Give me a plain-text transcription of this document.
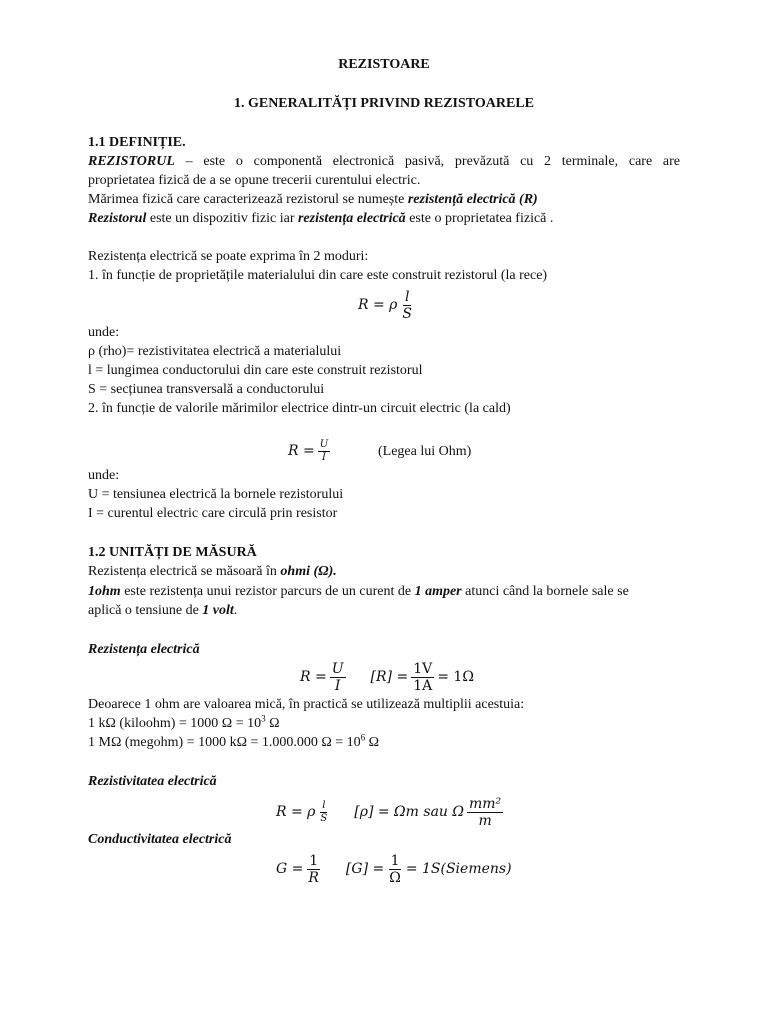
REZISTOARE
1. GENERALITĂȚI PRIVIND REZISTOARELE
1.1 DEFINIȚIE.
REZISTORUL – este o componentă electronică pasivă, prevăzută cu 2 terminale, care are
proprietatea fizică de a se opune trecerii curentului electric.
Mărimea fizică care caracterizează rezistorul se numește rezistență electrică (R)
Rezistorul este un dispozitiv fizic iar rezistența electrică este o proprietatea fizică .
Rezistența electrică se poate exprima în 2 moduri:
1. în funcție de proprietățile materialului din care este construit rezistorul (la rece)
R = ρ $\frac{l}{S}$
unde:
ρ (rho)= rezistivitatea electrică a materialului
l = lungimea conductorului din care este construit rezistorul
S = secțiunea transversală a conductorului
2. în funcție de valorile mărimilor electrice dintr-un circuit electric (la cald)
$R = \frac{U}{I}$	(Legea lui Ohm)
unde:
U = tensiunea electrică la bornele rezistorului
I = curentul electric care circulă prin resistor
1.2 UNITĂȚI DE MĂSURĂ
Rezistența electrică se măsoară în ohmi (Ω).
1ohm este rezistența unui rezistor parcurs de un curent de 1 amper atunci când la bornele sale se
aplică o tensiune de 1 volt.
Rezistența electrică
$R = \frac{U}{I} [R] = \frac{1V}{1A} = 1\Omega$
Deoarece 1 ohm are valoarea mică, în practică se utilizează multiplii acestuia:
1 kΩ (kiloohm) = 1000 $\Omega = 10^3$ Ω
1 MΩ (megohm) = 1000 kΩ = 1.000.000 $\Omega = 10^6$ Ω
Rezistivitatea electrică
R = ρ $\frac{l}{S} [\rho] = \Omega m$ sau Ω $\frac{\text{mm²}}{m}$
Conductivitatea electrică
$G = \frac{1}{R} [G] = \frac{1}{\Omega}$ = 1S(Siemens)
